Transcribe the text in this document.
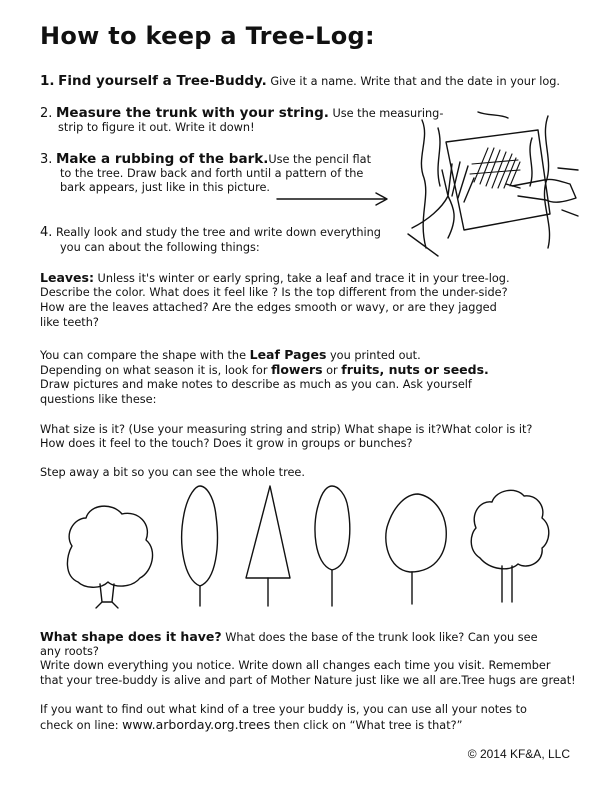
How to keep a Tree-Log:
1. Find yourself a Tree-Buddy. Give it a name. Write that and the date in your log.
2. Measure the trunk with your string. Use the measuring-
strip to figure it out. Write it down!
3. Make a rubbing of the bark.Use the pencil flat
to the tree. Draw back and forth until a pattern of the
bark appears, just like in this picture.
4. Really look and study the tree and write down everything
you can about the following things:
Leaves: Unless it's winter or early spring, take a leaf and trace it in your tree-log.
Describe the color. What does it feel like ? Is the top different from the under-side?
How are the leaves attached? Are the edges smooth or wavy, or are they jagged
like teeth?
You can compare the shape with the Leaf Pages you printed out.
Depending on what season it is, look for flowers or fruits, nuts or seeds.
Draw pictures and make notes to describe as much as you can. Ask yourself
questions like these:
What size is it? (Use your measuring string and strip) What shape is it?What color is it?
How does it feel to the touch? Does it grow in groups or bunches?
Step away a bit so you can see the whole tree.
What shape does it have? What does the base of the trunk look like? Can you see
any roots?
Write down everything you notice. Write down all changes each time you visit. Remember
that your tree-buddy is alive and part of Mother Nature just like we all are.Tree hugs are great!
If you want to find out what kind of a tree your buddy is, you can use all your notes to
check on line: www.arborday.org.trees then click on “What tree is that?”
© 2014 KF&A, LLC
